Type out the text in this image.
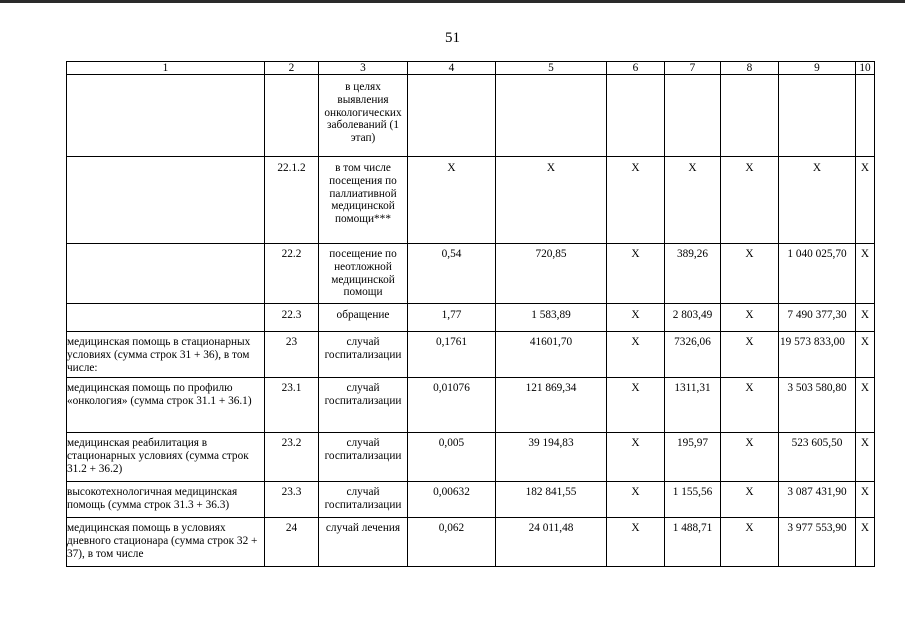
51
1	2	3	4	5	6	7	8	9	10
		в целях выявления онкологических заболеваний (1 этап)							
	22.1.2	в том числе посещения по паллиативной медицинской помощи***	X	X	X	X	X	X	X
	22.2	посещение по неотложной медицинской помощи	0,54	720,85	X	389,26	X	1 040 025,70	X
	22.3	обращение	1,77	1 583,89	X	2 803,49	X	7 490 377,30	X
медицинская помощь в стационарных условиях (сумма строк 31 + 36), в том числе:	23	случай госпитализации	0,1761	41601,70	X	7326,06	X	19 573 833,00	X
медицинская помощь по профилю «онкология» (сумма строк 31.1 + 36.1)	23.1	случай госпитализации	0,01076	121 869,34	X	1311,31	X	3 503 580,80	X
медицинская реабилитация в стационарных условиях (сумма строк 31.2 + 36.2)	23.2	случай госпитализации	0,005	39 194,83	X	195,97	X	523 605,50	X
высокотехнологичная медицинская помощь (сумма строк 31.3 + 36.3)	23.3	случай госпитализации	0,00632	182 841,55	X	1 155,56	X	3 087 431,90	X
медицинская помощь в условиях дневного стационара (сумма строк 32 + 37), в том числе	24	случай лечения	0,062	24 011,48	X	1 488,71	X	3 977 553,90	X
